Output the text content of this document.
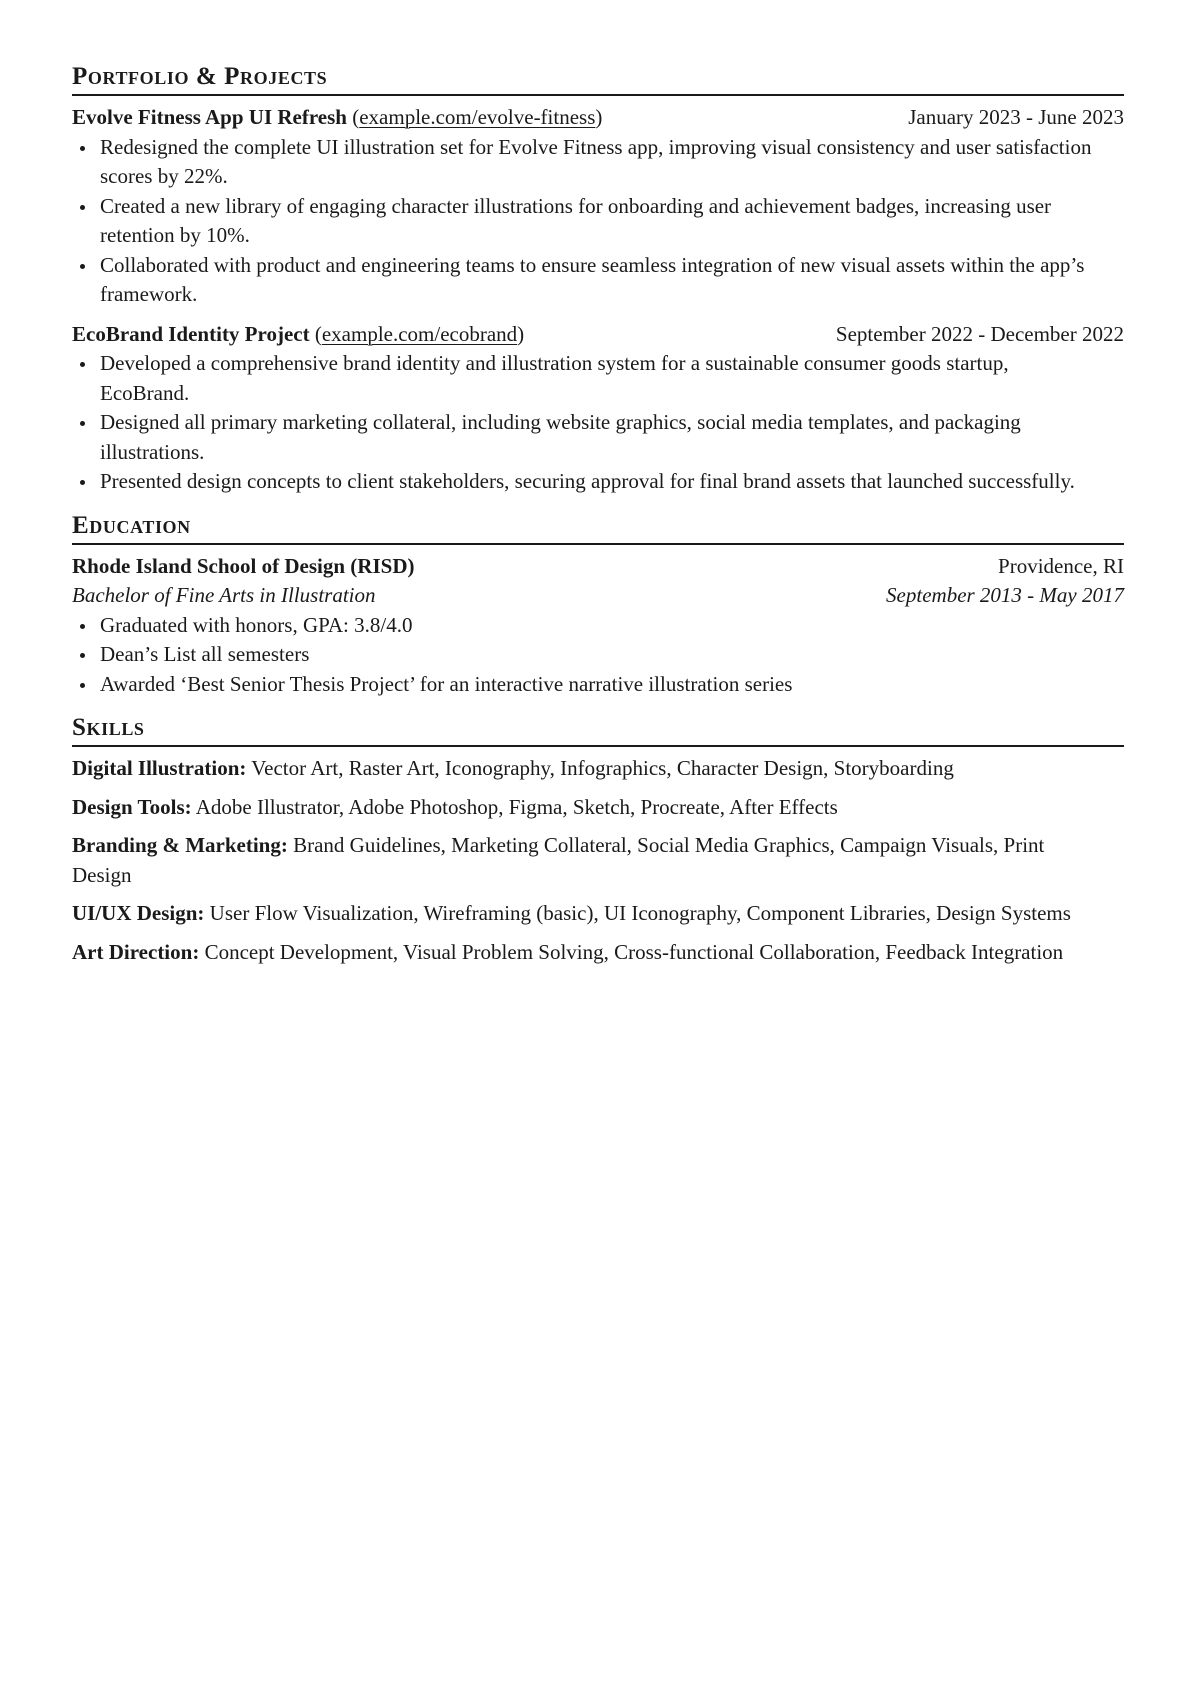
Portfolio & Projects
Evolve Fitness App UI Refresh (example.com/evolve-fitness)	January 2023 - June 2023
Redesigned the complete UI illustration set for Evolve Fitness app, improving visual consistency and user satisfaction scores by 22%.
Created a new library of engaging character illustrations for onboarding and achievement badges, increasing user retention by 10%.
Collaborated with product and engineering teams to ensure seamless integration of new visual assets within the app’s framework.
EcoBrand Identity Project (example.com/ecobrand)	September 2022 - December 2022
Developed a comprehensive brand identity and illustration system for a sustainable consumer goods startup, EcoBrand.
Designed all primary marketing collateral, including website graphics, social media templates, and packaging illustrations.
Presented design concepts to client stakeholders, securing approval for final brand assets that launched successfully.
Education
Rhode Island School of Design (RISD)	Providence, RI
Bachelor of Fine Arts in Illustration	September 2013 - May 2017
Graduated with honors, GPA: 3.8/4.0
Dean’s List all semesters
Awarded ‘Best Senior Thesis Project’ for an interactive narrative illustration series
Skills
Digital Illustration: Vector Art, Raster Art, Iconography, Infographics, Character Design, Storyboarding
Design Tools: Adobe Illustrator, Adobe Photoshop, Figma, Sketch, Procreate, After Effects
Branding & Marketing: Brand Guidelines, Marketing Collateral, Social Media Graphics, Campaign Visuals, Print Design
UI/UX Design: User Flow Visualization, Wireframing (basic), UI Iconography, Component Libraries, Design Systems
Art Direction: Concept Development, Visual Problem Solving, Cross-functional Collaboration, Feedback Integration
